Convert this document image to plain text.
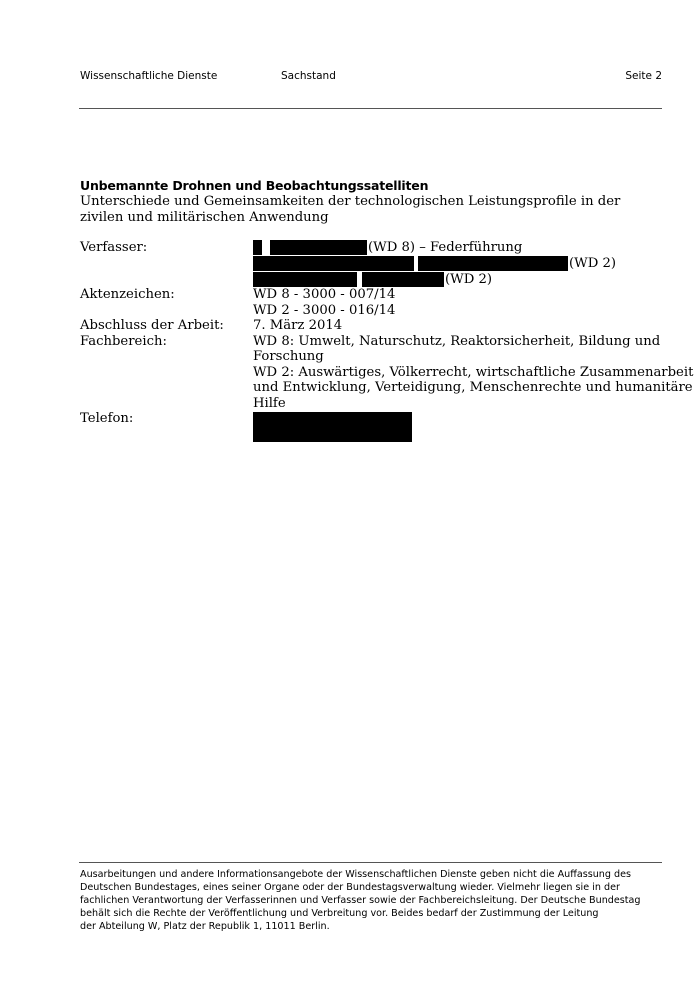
Wissenschaftliche Dienste	Sachstand	Seite 2
Unbemannte Drohnen und Beobachtungssatelliten
Unterschiede und Gemeinsamkeiten der technologischen Leistungsprofile in der zivilen und militärischen Anwendung
Verfasser:	(WD 8) – Federführung
(WD 2)
(WD 2)
Aktenzeichen:	WD 8 - 3000 - 007/14
WD 2 - 3000 - 016/14
Abschluss der Arbeit: 7. März 2014
Fachbereich:	WD 8: Umwelt, Naturschutz, Reaktorsicherheit, Bildung und
Forschung
WD 2: Auswärtiges, Völkerrecht, wirtschaftliche Zusammenarbeit
und Entwicklung, Verteidigung, Menschenrechte und humanitäre
Hilfe
Telefon:
Ausarbeitungen und andere Informationsangebote der Wissenschaftlichen Dienste geben nicht die Auffassung des
Deutschen Bundestages, eines seiner Organe oder der Bundestagsverwaltung wieder. Vielmehr liegen sie in der
fachlichen Verantwortung der Verfasserinnen und Verfasser sowie der Fachbereichsleitung. Der Deutsche Bundestag
behält sich die Rechte der Veröffentlichung und Verbreitung vor. Beides bedarf der Zustimmung der Leitung
der Abteilung W, Platz der Republik 1, 11011 Berlin.
